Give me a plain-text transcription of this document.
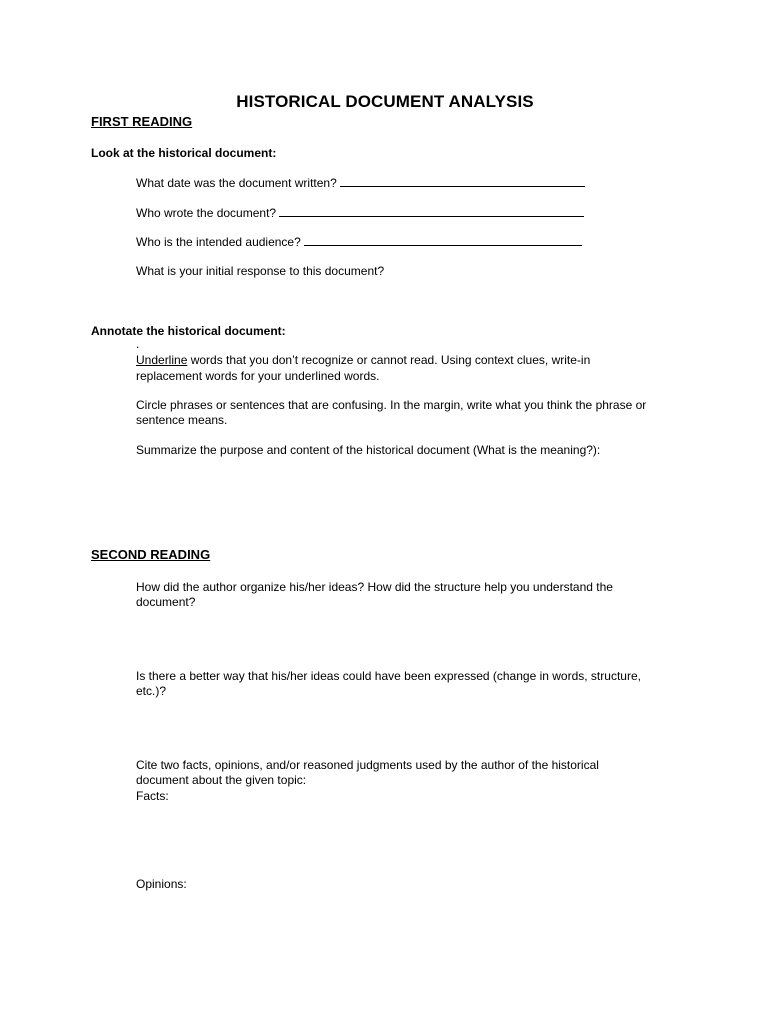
HISTORICAL DOCUMENT ANALYSIS
FIRST READING
Look at the historical document:
What date was the document written?
Who wrote the document?
Who is the intended audience?
What is your initial response to this document?
Annotate the historical document:
.
Underline words that you don’t recognize or cannot read. Using context clues, write-in
replacement words for your underlined words.
Circle phrases or sentences that are confusing. In the margin, write what you think the phrase or
sentence means.
Summarize the purpose and content of the historical document (What is the meaning?):
SECOND READING
How did the author organize his/her ideas? How did the structure help you understand the
document?
Is there a better way that his/her ideas could have been expressed (change in words, structure,
etc.)?
Cite two facts, opinions, and/or reasoned judgments used by the author of the historical
document about the given topic:
Facts:
Opinions:
